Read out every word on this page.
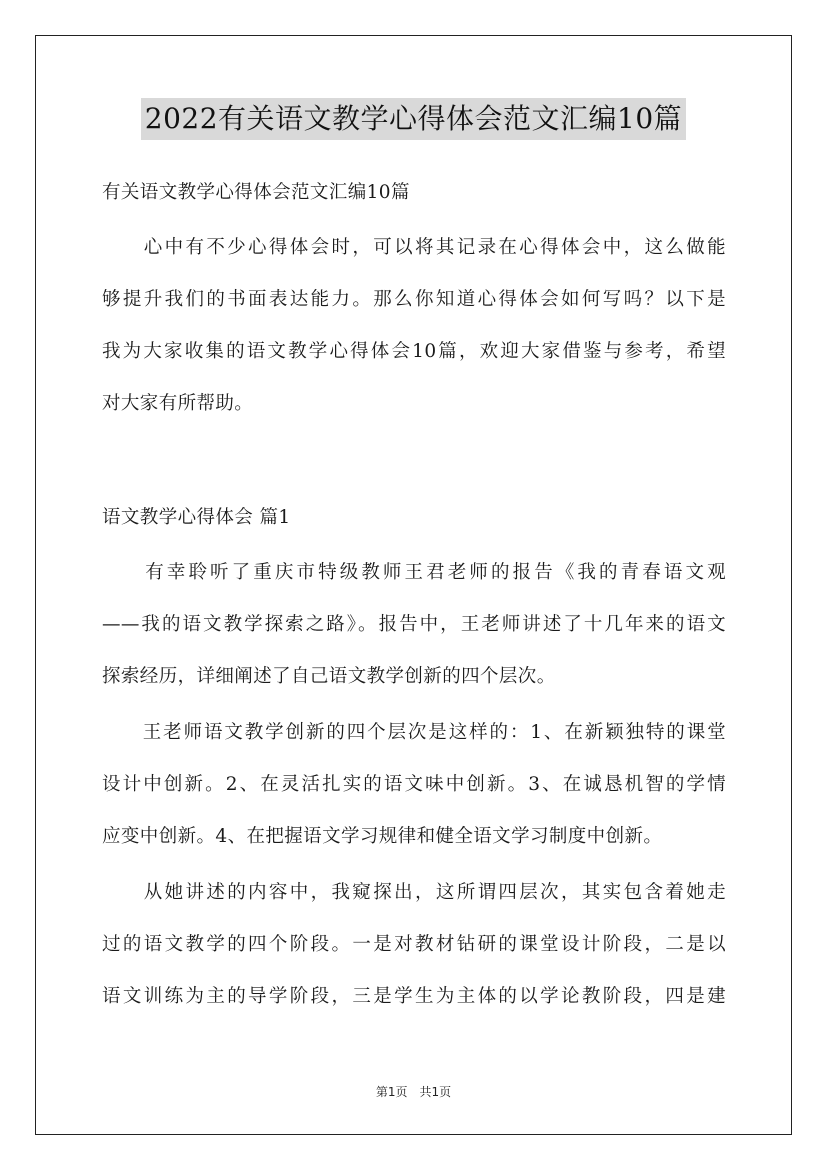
2022有关语文教学心得体会范文汇编10篇
有关语文教学心得体会范文汇编10篇
　　心中有不少心得体会时，可以将其记录在心得体会中，这么做能
够提升我们的书面表达能力。那么你知道心得体会如何写吗？以下是
我为大家收集的语文教学心得体会10篇，欢迎大家借鉴与参考，希望
对大家有所帮助。
语文教学心得体会 篇1
　　有幸聆听了重庆市特级教师王君老师的报告《我的青春语文观
——我的语文教学探索之路》。报告中，王老师讲述了十几年来的语文
探索经历，详细阐述了自己语文教学创新的四个层次。
　　王老师语文教学创新的四个层次是这样的：1、在新颖独特的课堂
设计中创新。2、在灵活扎实的语文味中创新。3、在诚恳机智的学情
应变中创新。4、在把握语文学习规律和健全语文学习制度中创新。
　　从她讲述的内容中，我窥探出，这所谓四层次，其实包含着她走
过的语文教学的四个阶段。一是对教材钻研的课堂设计阶段，二是以
语文训练为主的导学阶段，三是学生为主体的以学论教阶段，四是建
第1页　共1页
